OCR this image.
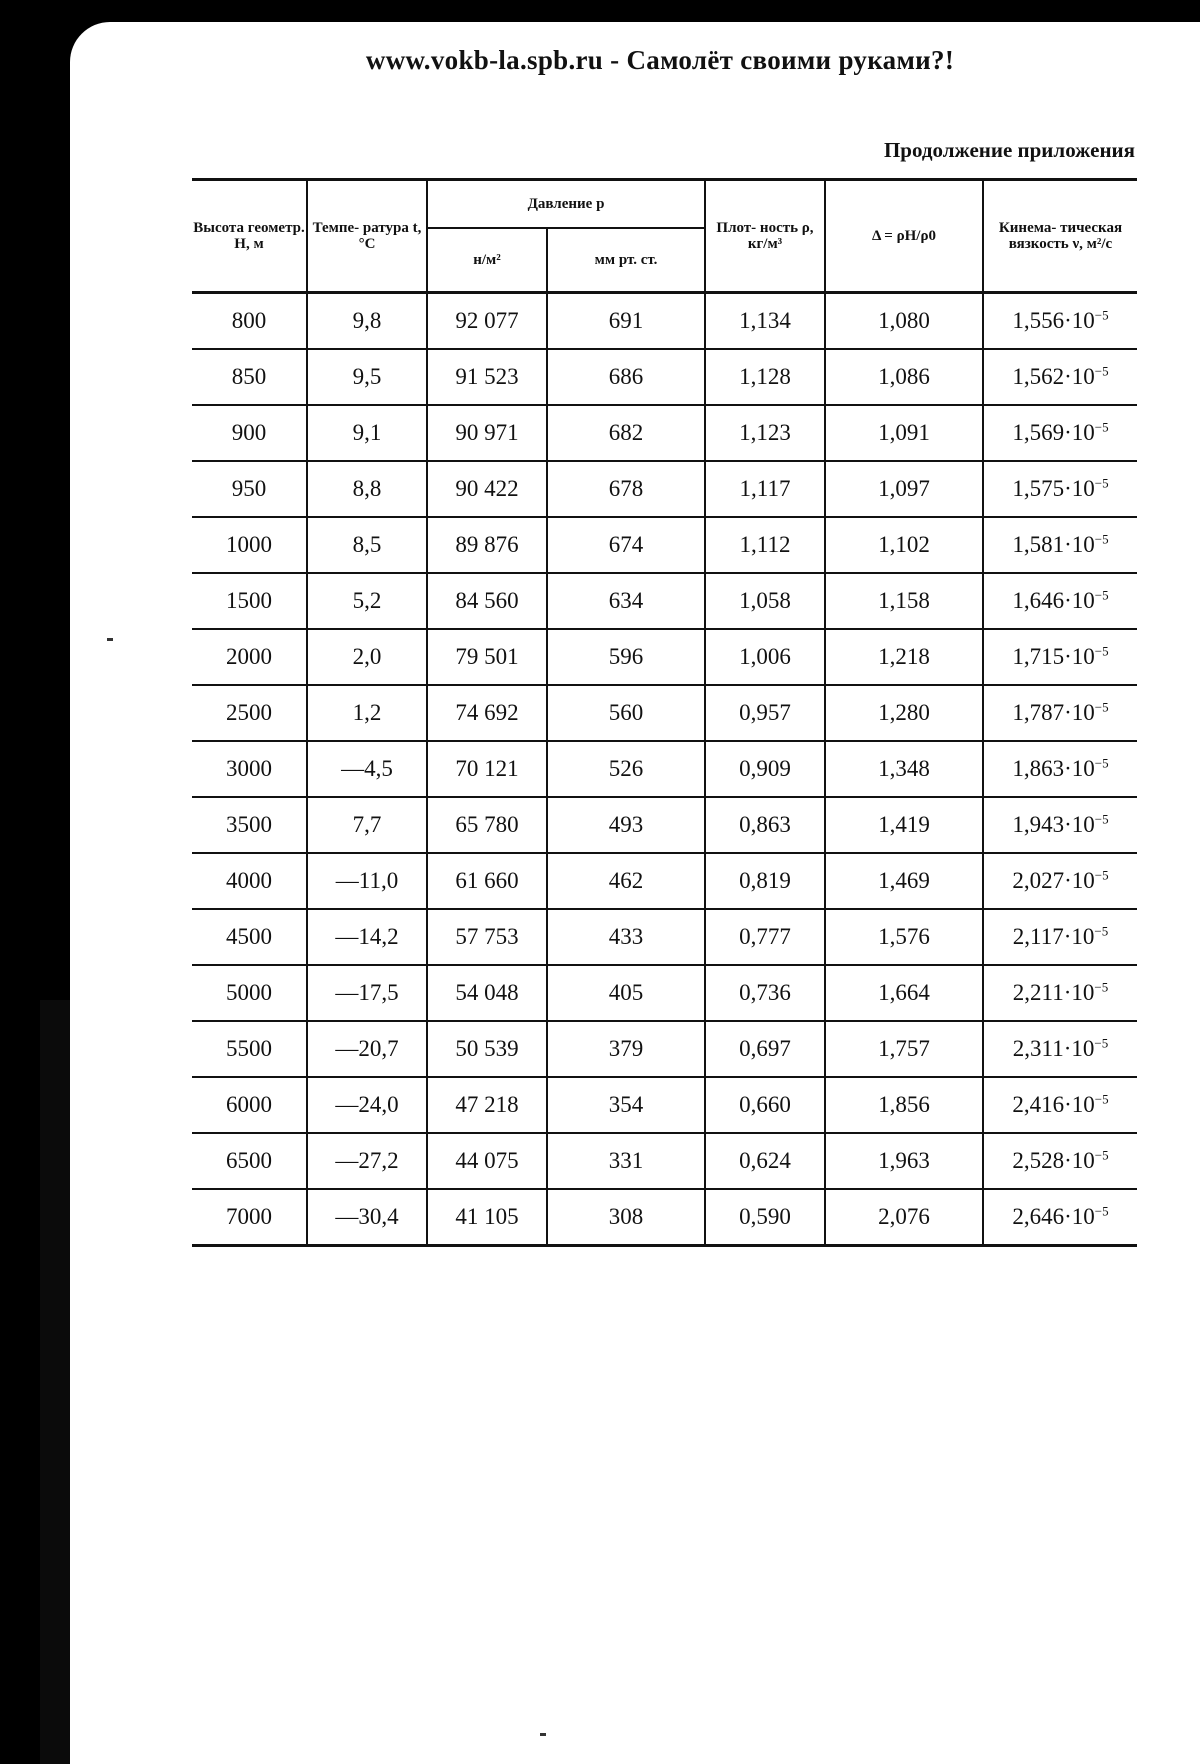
www.vokb-la.spb.ru - Самолёт своими руками?!
Продолжение приложения
Высота геометр. H, м	Темпе- ратура t, °С	Давление p		Плот- ность ρ, кг/м³	Δ = ρH/ρ0	Кинема- тическая вязкость ν, м²/с
		н/м²	мм рт. ст.			
800	9,8	92 077	691	1,134	1,080	$1,556\cdot 10^{-5}$
850	9,5	91 523	686	1,128	1,086	$1,562\cdot 10^{-5}$
900	9,1	90 971	682	1,123	1,091	$1,569\cdot 10^{-5}$
950	8,8	90 422	678	1,117	1,097	$1,575\cdot 10^{-5}$
1000	8,5	89 876	674	1,112	1,102	$1,581\cdot 10^{-5}$
1500	5,2	84 560	634	1,058	1,158	$1,646\cdot 10^{-5}$
2000	2,0	79 501	596	1,006	1,218	$1,715\cdot 10^{-5}$
2500	1,2	74 692	560	0,957	1,280	$1,787\cdot 10^{-5}$
3000	—4,5	70 121	526	0,909	1,348	$1,863\cdot 10^{-5}$
3500	7,7	65 780	493	0,863	1,419	$1,943\cdot 10^{-5}$
4000	—11,0	61 660	462	0,819	1,469	$2,027\cdot 10^{-5}$
4500	—14,2	57 753	433	0,777	1,576	$2,117\cdot 10^{-5}$
5000	—17,5	54 048	405	0,736	1,664	$2,211\cdot 10^{-5}$
5500	—20,7	50 539	379	0,697	1,757	$2,311\cdot 10^{-5}$
6000	—24,0	47 218	354	0,660	1,856	$2,416\cdot 10^{-5}$
6500	—27,2	44 075	331	0,624	1,963	$2,528\cdot 10^{-5}$
7000	—30,4	41 105	308	0,590	2,076	$2,646\cdot 10^{-5}$
